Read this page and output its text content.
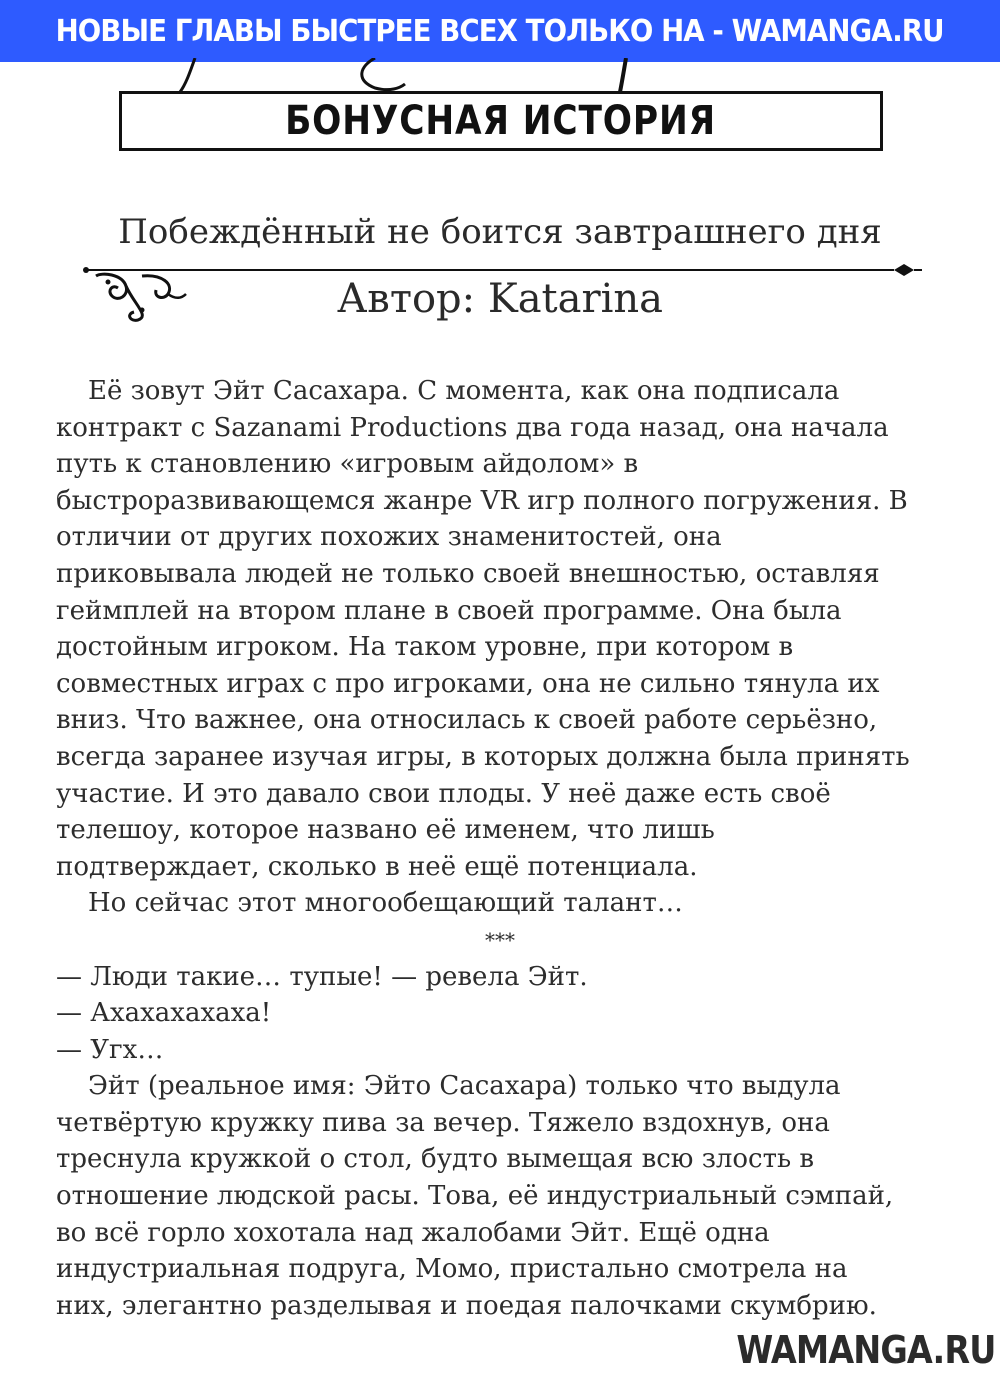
НОВЫЕ ГЛАВЫ БЫСТРЕЕ ВСЕХ ТОЛЬКО НА - WAMANGA.RU
БОНУСНАЯ ИСТОРИЯ
Побеждённый не боится завтрашнего дня
Автор: Katarina
Её зовут Эйт Сасахара. С момента, как она подписала
контракт с Sazanami Productions два года назад, она начала
путь к становлению «игровым айдолом» в
быстроразвивающемся жанре VR игр полного погружения. В
отличии от других похожих знаменитостей, она
приковывала людей не только своей внешностью, оставляя
геймплей на втором плане в своей программе. Она была
достойным игроком. На таком уровне, при котором в
совместных играх с про игроками, она не сильно тянула их
вниз. Что важнее, она относилась к своей работе серьёзно,
всегда заранее изучая игры, в которых должна была принять
участие. И это давало свои плоды. У неё даже есть своё
телешоу, которое названо её именем, что лишь
подтверждает, сколько в неё ещё потенциала.
Но сейчас этот многообещающий талант…
***
— Люди такие… тупые! — ревела Эйт.
— Ахахахахаха!
— Угх…
Эйт (реальное имя: Эйто Сасахара) только что выдула
четвёртую кружку пива за вечер. Тяжело вздохнув, она
треснула кружкой о стол, будто вымещая всю злость в
отношение людской расы. Това, её индустриальный сэмпай,
во всё горло хохотала над жалобами Эйт. Ещё одна
индустриальная подруга, Момо, пристально смотрела на
них, элегантно разделывая и поедая палочками скумбрию.
WAMANGA.RU
